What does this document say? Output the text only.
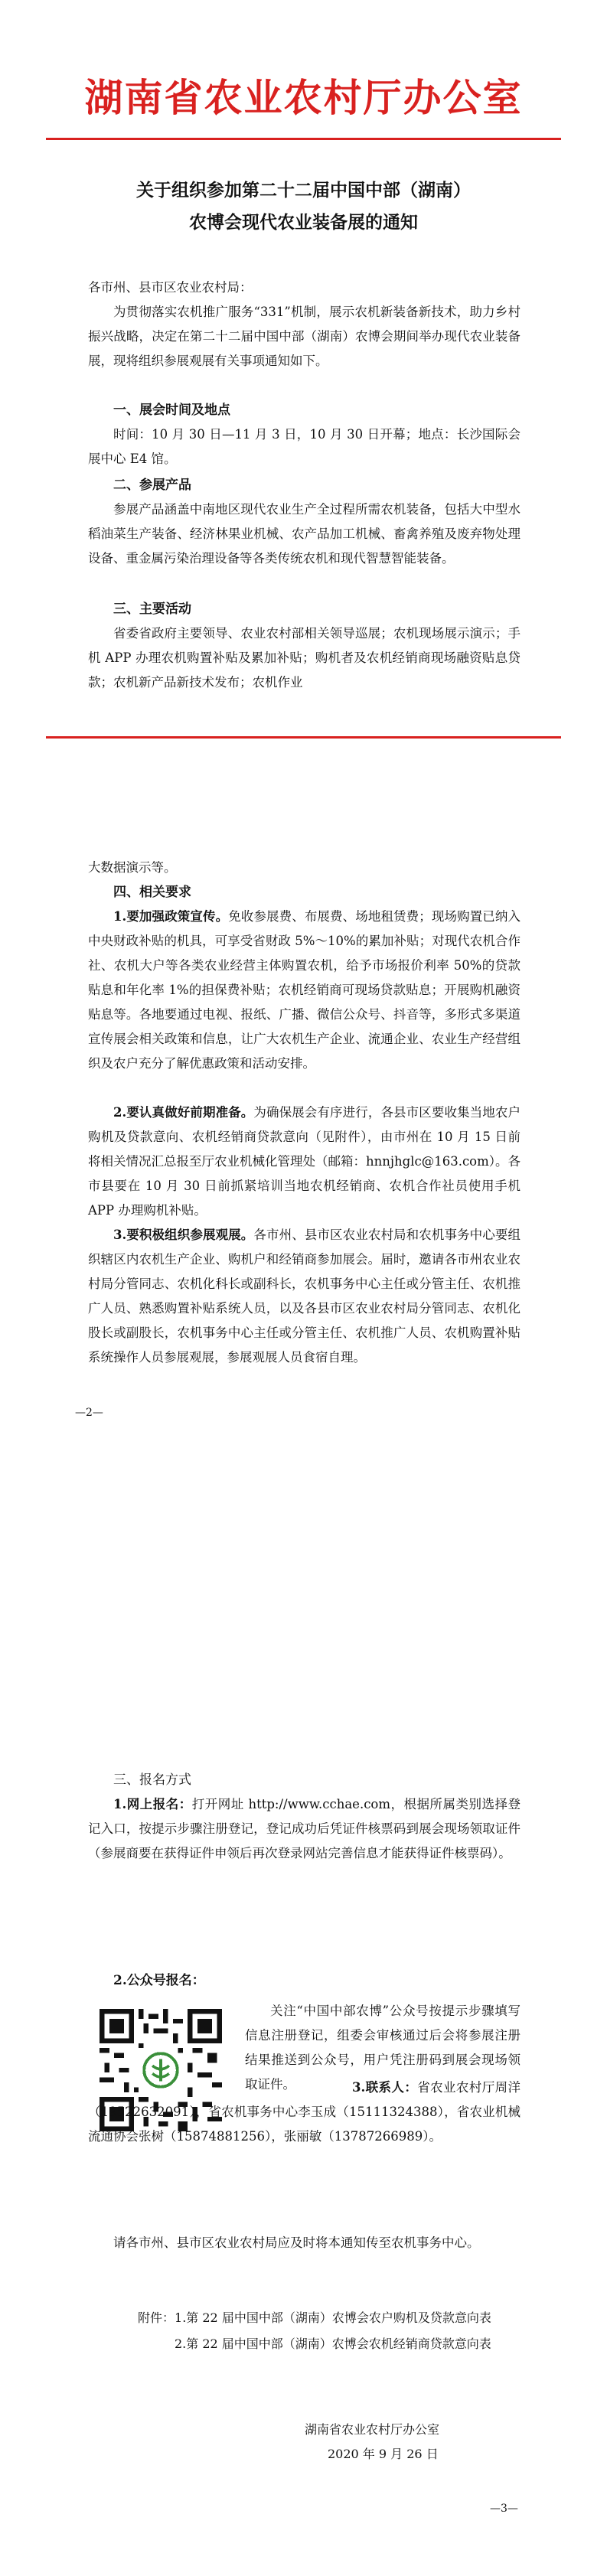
湖南省农业农村厅办公室
关于组织参加第二十二届中国中部（湖南）
农博会现代农业装备展的通知
各市州、县市区农业农村局：
为贯彻落实农机推广服务“331”机制，展示农机新装备新技术，助力乡村振兴战略，决定在第二十二届中国中部（湖南）农博会期间举办现代农业装备展，现将组织参展观展有关事项通知如下。
一、展会时间及地点
时间：10 月 30 日—11 月 3 日，10 月 30 日开幕；地点：长沙国际会展中心 E4 馆。
二、参展产品
参展产品涵盖中南地区现代农业生产全过程所需农机装备，包括大中型水稻油菜生产装备、经济林果业机械、农产品加工机械、畜禽养殖及废弃物处理设备、重金属污染治理设备等各类传统农机和现代智慧智能装备。
三、主要活动
省委省政府主要领导、农业农村部相关领导巡展；农机现场展示演示；手机 APP 办理农机购置补贴及累加补贴；购机者及农机经销商现场融资贴息贷款；农机新产品新技术发布；农机作业
大数据演示等。
四、相关要求
1.要加强政策宣传。免收参展费、布展费、场地租赁费；现场购置已纳入中央财政补贴的机具，可享受省财政 5%～10%的累加补贴；对现代农机合作社、农机大户等各类农业经营主体购置农机，给予市场报价利率 50%的贷款贴息和年化率 1%的担保费补贴；农机经销商可现场贷款贴息；开展购机融资贴息等。各地要通过电视、报纸、广播、微信公众号、抖音等，多形式多渠道宣传展会相关政策和信息，让广大农机生产企业、流通企业、农业生产经营组织及农户充分了解优惠政策和活动安排。
2.要认真做好前期准备。为确保展会有序进行，各县市区要收集当地农户购机及贷款意向、农机经销商贷款意向（见附件），由市州在 10 月 15 日前将相关情况汇总报至厅农业机械化管理处（邮箱：hnnjhglc@163.com）。各市县要在 10 月 30 日前抓紧培训当地农机经销商、农机合作社员使用手机 APP 办理购机补贴。
3.要积极组织参展观展。各市州、县市区农业农村局和农机事务中心要组织辖区内农机生产企业、购机户和经销商参加展会。届时，邀请各市州农业农村局分管同志、农机化科长或副科长，农机事务中心主任或分管主任、农机推广人员、熟悉购置补贴系统人员，以及各县市区农业农村局分管同志、农机化股长或副股长，农机事务中心主任或分管主任、农机推广人员、农机购置补贴系统操作人员参展观展，参展观展人员食宿自理。
—2—
三、报名方式
1.网上报名：打开网址 http://www.cchae.com，根据所属类别选择登记入口，按提示步骤注册登记，登记成功后凭证件核票码到展会现场领取证件（参展商要在获得证件申领后再次登录网站完善信息才能获得证件核票码）。
2.公众号报名：
关注“中国中部农博”公众号按提示步骤填写信息注册登记，组委会审核通过后会将参展注册结果推送到公众号，用户凭注册码到展会现场领取证件。	3.联系人：省农业农村厅周洋（19522632091），省农机事务中心李玉成（15111324388），省农业机械流通协会张树（15874881256），张丽敏（13787266989）。
请各市州、县市区农业农村局应及时将本通知传至农机事务中心。
附件：1.第 22 届中国中部（湖南）农博会农户购机及贷款意向表
2.第 22 届中国中部（湖南）农博会农机经销商贷款意向表
湖南省农业农村厅办公室
2020 年 9 月 26 日
—3—
